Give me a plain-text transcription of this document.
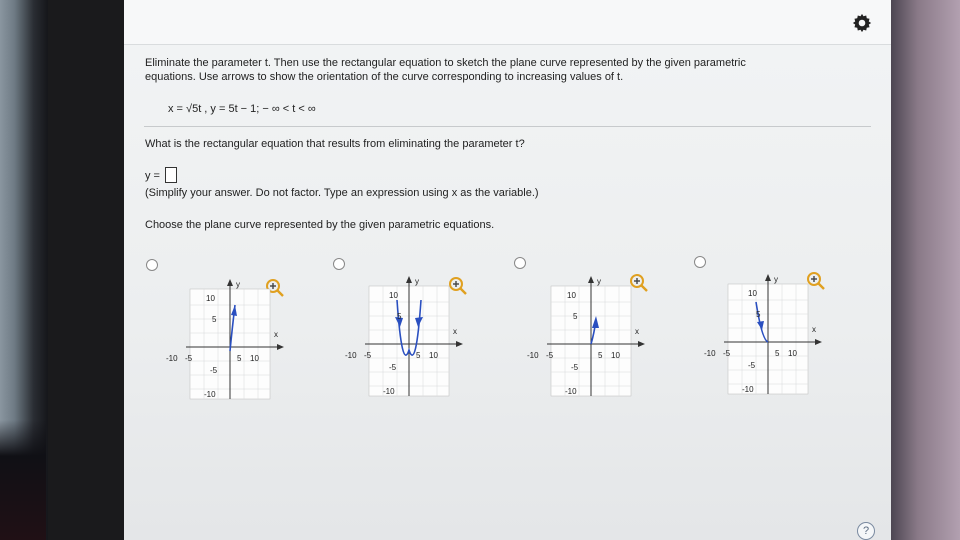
Eliminate the parameter t. Then use the rectangular equation to sketch the plane curve represented by the given parametric
equations. Use arrows to show the orientation of the curve corresponding to increasing values of t.
x = √5t , y = 5t − 1; − ∞ < t < ∞
What is the rectangular equation that results from eliminating the parameter t?
y =
(Simplify your answer. Do not factor. Type an expression using x as the variable.)
Choose the plane curve represented by the given parametric equations.
y
x
-10 -5	5 10
10
5
-5
-10
y
x
-10 -5	5 10
10
5
-5
-10
y
x
-10 -5	5 10
10
5
-5
-10
y
x
-10 -5	5 10
10
5
-5
-10
?
